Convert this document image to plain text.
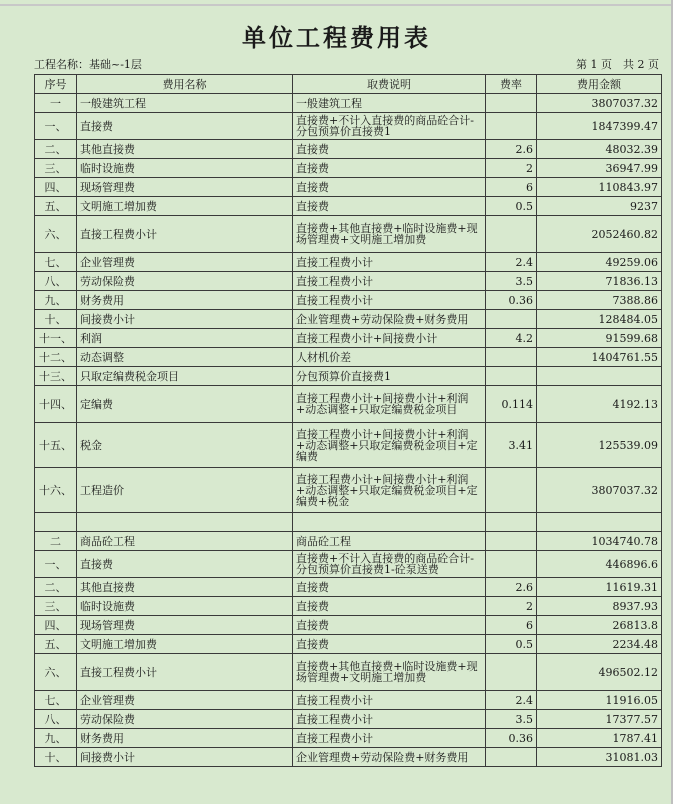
单位工程费用表
工程名称：基础~-1层	第 1 页　共 2 页
序号	费用名称	取费说明	费率	费用金额
一	一般建筑工程	一般建筑工程		3807037.32
一、	直接费	直接费+不计入直接费的商品砼合计-分包预算价直接费1		1847399.47
二、	其他直接费	直接费	2.6	48032.39
三、	临时设施费	直接费	2	36947.99
四、	现场管理费	直接费	6	110843.97
五、	文明施工增加费	直接费	0.5	9237
六、	直接工程费小计	直接费+其他直接费+临时设施费+现场管理费+文明施工增加费		2052460.82
七、	企业管理费	直接工程费小计	2.4	49259.06
八、	劳动保险费	直接工程费小计	3.5	71836.13
九、	财务费用	直接工程费小计	0.36	7388.86
十、	间接费小计	企业管理费+劳动保险费+财务费用		128484.05
十一、	利润	直接工程费小计+间接费小计	4.2	91599.68
十二、	动态调整	人材机价差		1404761.55
十三、	只取定编费税金项目	分包预算价直接费1		
十四、	定编费	直接工程费小计+间接费小计+利润+动态调整+只取定编费税金项目	0.114	4192.13
十五、	税金	直接工程费小计+间接费小计+利润+动态调整+只取定编费税金项目+定编费	3.41	125539.09
十六、	工程造价	直接工程费小计+间接费小计+利润+动态调整+只取定编费税金项目+定编费+税金		3807037.32

二	商品砼工程	商品砼工程		1034740.78
一、	直接费	直接费+不计入直接费的商品砼合计-分包预算价直接费1-砼泵送费		446896.6
二、	其他直接费	直接费	2.6	11619.31
三、	临时设施费	直接费	2	8937.93
四、	现场管理费	直接费	6	26813.8
五、	文明施工增加费	直接费	0.5	2234.48
六、	直接工程费小计	直接费+其他直接费+临时设施费+现场管理费+文明施工增加费		496502.12
七、	企业管理费	直接工程费小计	2.4	11916.05
八、	劳动保险费	直接工程费小计	3.5	17377.57
九、	财务费用	直接工程费小计	0.36	1787.41
十、	间接费小计	企业管理费+劳动保险费+财务费用		31081.03
